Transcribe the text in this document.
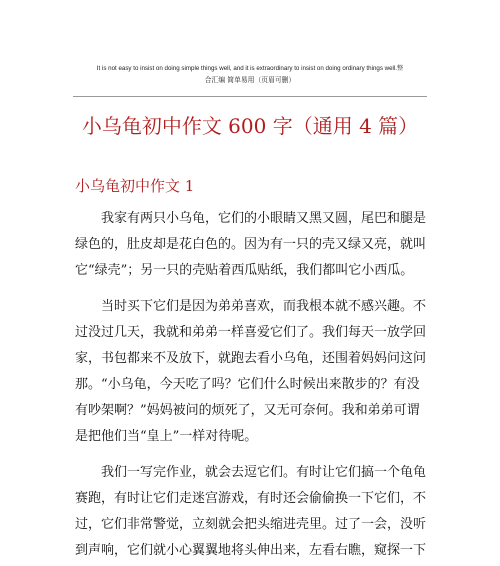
It is not easy to insist on doing simple things well, and it is extraordinary to insist on doing ordinary things well.整
合汇编 简单易用（页眉可删）
小乌龟初中作文 600 字（通用 4 篇）
小乌龟初中作文 1
我家有两只小乌龟，它们的小眼睛又黑又圆，尾巴和腿是
绿色的，肚皮却是花白色的。因为有一只的壳又绿又亮，就叫
它“绿壳”；另一只的壳贴着西瓜贴纸，我们都叫它小西瓜。
当时买下它们是因为弟弟喜欢，而我根本就不感兴趣。不
过没过几天，我就和弟弟一样喜爱它们了。我们每天一放学回
家，书包都来不及放下，就跑去看小乌龟，还围着妈妈问这问
那。“小乌龟，今天吃了吗？它们什么时候出来散步的？有没
有吵架啊？”妈妈被问的烦死了，又无可奈何。我和弟弟可谓
是把他们当“皇上”一样对待呢。
我们一写完作业，就会去逗它们。有时让它们搞一个龟龟
赛跑，有时让它们走迷宫游戏，有时还会偷偷换一下它们，不
过，它们非常警觉，立刻就会把头缩进壳里。过了一会，没听
到声响，它们就小心翼翼地将头伸出来，左看右瞧，窥探一下
